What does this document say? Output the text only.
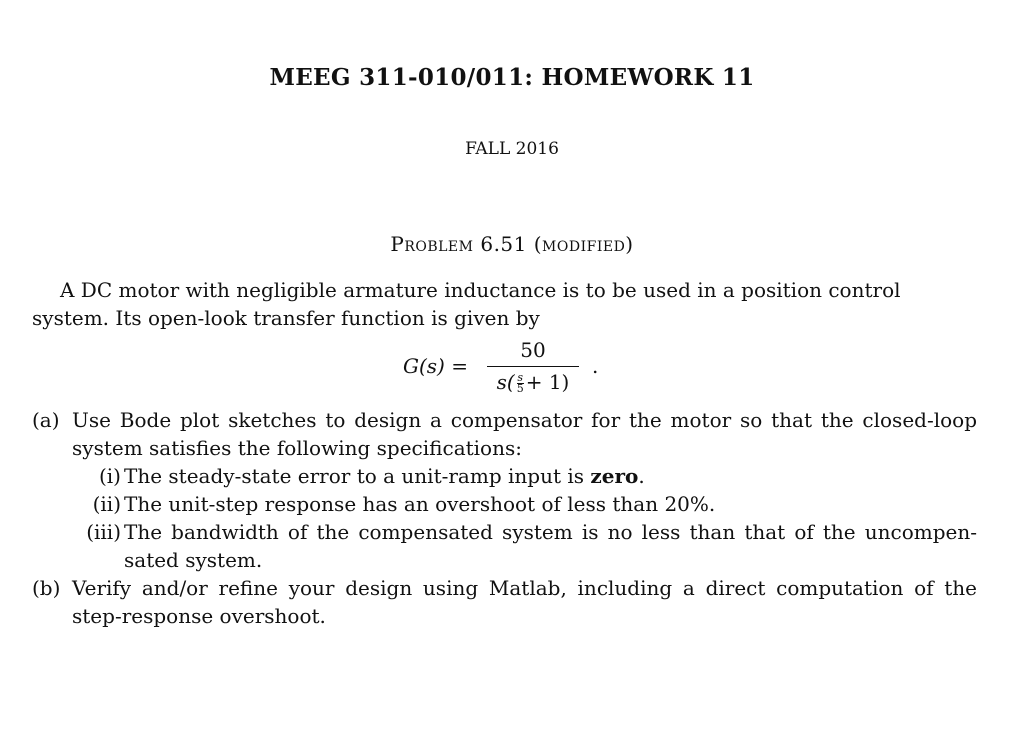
MEEG 311-010/011: HOMEWORK 11
FALL 2016
Problem 6.51 (modified)
A DC motor with negligible armature inductance is to be used in a position control
system. Its open-look transfer function is given by
G(s) =
50
$s( \frac{s}{5} + 1)$
.
(a) Use Bode plot sketches to design a compensator for the motor so that the closed-loop system satisfies the following specifications:
(i) The steady-state error to a unit-ramp input is zero.
(ii) The unit-step response has an overshoot of less than 20%.
(iii) The bandwidth of the compensated system is no less than that of the uncompen-sated system.
(b) Verify and/or refine your design using Matlab, including a direct computation of the step-response overshoot.
